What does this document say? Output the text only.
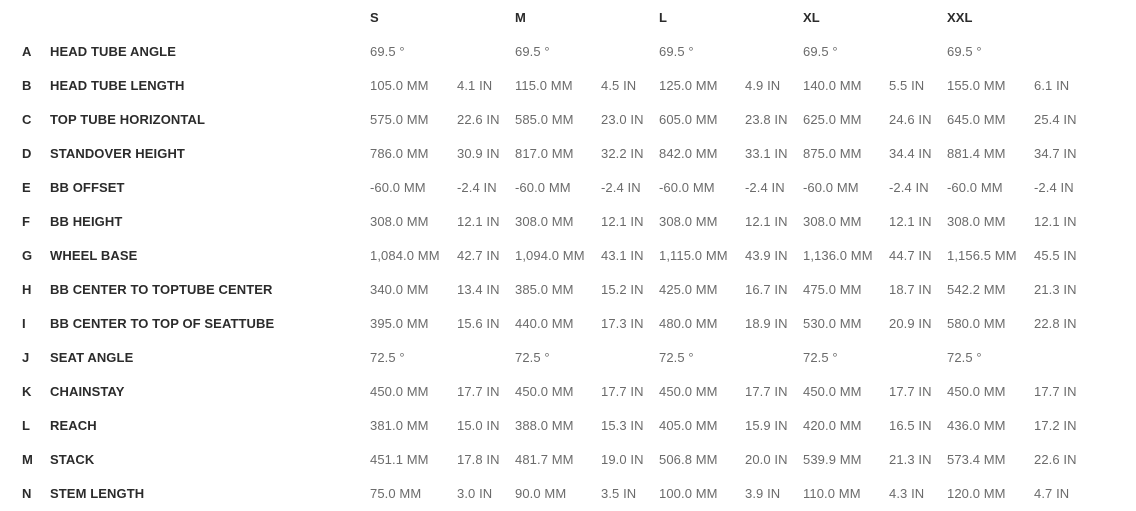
S	M	L	XL	XXL
A	HEAD TUBE ANGLE	69.5 °	69.5 °	69.5 °	69.5 °	69.5 °
B	HEAD TUBE LENGTH	105.0 MM	4.1 IN	115.0 MM	4.5 IN	125.0 MM	4.9 IN	140.0 MM	5.5 IN	155.0 MM	6.1 IN
C	TOP TUBE HORIZONTAL	575.0 MM	22.6 IN	585.0 MM	23.0 IN	605.0 MM	23.8 IN	625.0 MM	24.6 IN	645.0 MM	25.4 IN
D	STANDOVER HEIGHT	786.0 MM	30.9 IN	817.0 MM	32.2 IN	842.0 MM	33.1 IN	875.0 MM	34.4 IN	881.4 MM	34.7 IN
E	BB OFFSET	-60.0 MM	-2.4 IN	-60.0 MM	-2.4 IN	-60.0 MM	-2.4 IN	-60.0 MM	-2.4 IN	-60.0 MM	-2.4 IN
F	BB HEIGHT	308.0 MM	12.1 IN	308.0 MM	12.1 IN	308.0 MM	12.1 IN	308.0 MM	12.1 IN	308.0 MM	12.1 IN
G	WHEEL BASE	1,084.0 MM	42.7 IN	1,094.0 MM	43.1 IN	1,115.0 MM	43.9 IN	1,136.0 MM	44.7 IN	1,156.5 MM	45.5 IN
H	BB CENTER TO TOPTUBE CENTER	340.0 MM	13.4 IN	385.0 MM	15.2 IN	425.0 MM	16.7 IN	475.0 MM	18.7 IN	542.2 MM	21.3 IN
I	BB CENTER TO TOP OF SEATTUBE	395.0 MM	15.6 IN	440.0 MM	17.3 IN	480.0 MM	18.9 IN	530.0 MM	20.9 IN	580.0 MM	22.8 IN
J	SEAT ANGLE	72.5 °	72.5 °	72.5 °	72.5 °	72.5 °
K	CHAINSTAY	450.0 MM	17.7 IN	450.0 MM	17.7 IN	450.0 MM	17.7 IN	450.0 MM	17.7 IN	450.0 MM	17.7 IN
L	REACH	381.0 MM	15.0 IN	388.0 MM	15.3 IN	405.0 MM	15.9 IN	420.0 MM	16.5 IN	436.0 MM	17.2 IN
M	STACK	451.1 MM	17.8 IN	481.7 MM	19.0 IN	506.8 MM	20.0 IN	539.9 MM	21.3 IN	573.4 MM	22.6 IN
N	STEM LENGTH	75.0 MM	3.0 IN	90.0 MM	3.5 IN	100.0 MM	3.9 IN	110.0 MM	4.3 IN	120.0 MM	4.7 IN
